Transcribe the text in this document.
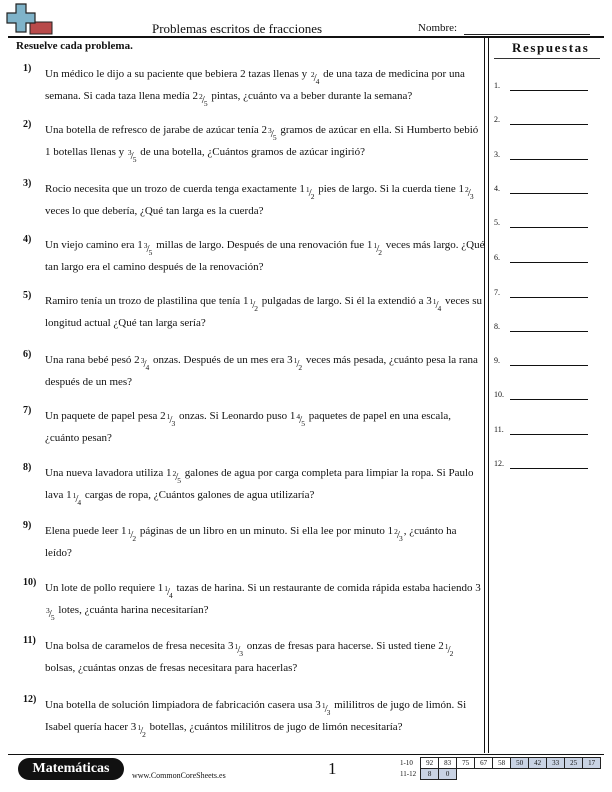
Problemas escritos de fracciones	Nombre:
Resuelve cada problema.	Respuestas
1.
2.
3.
4.
5.
6.
7.
8.
9.
10.
11.
12.
1) Un médico le dijo a su paciente que bebiera 2 tazas llenas y $^2/_4$ de una taza de medicina por una semana. Si cada taza llena medía $2^2/_5$ pintas, ¿cuánto va a beber durante la semana?
2) Una botella de refresco de jarabe de azúcar tenía $2^3/_5$ gramos de azúcar en ella. Si Humberto bebió 1 botellas llenas y $^3/_5$ de una botella, ¿Cuántos gramos de azúcar ingirió?
3) Rocio necesita que un trozo de cuerda tenga exactamente $1^1/_2$ pies de largo. Si la cuerda tiene $1^2/_3$ veces lo que debería, ¿Qué tan larga es la cuerda?
4) Un viejo camino era $1^3/_5$ millas de largo. Después de una renovación fue $1^1/_2$ veces más largo. ¿Qué tan largo era el camino después de la renovación?
5) Ramiro tenía un trozo de plastilina que tenía $1^1/_2$ pulgadas de largo. Si él la extendió a $3^1/_4$ veces su longitud actual ¿Qué tan larga sería?
6) Una rana bebé pesó $2^3/_4$ onzas. Después de un mes era $3^1/_2$ veces más pesada, ¿cuánto pesa la rana después de un mes?
7) Un paquete de papel pesa $2^1/_3$ onzas. Si Leonardo puso $1^4/_5$ paquetes de papel en una escala, ¿cuánto pesan?
8) Una nueva lavadora utiliza $1^2/_5$ galones de agua por carga completa para limpiar la ropa. Si Paulo lava $1^1/_4$ cargas de ropa, ¿Cuántos galones de agua utilizaría?
9) Elena puede leer $1^1/_2$ páginas de un libro en un minuto. Si ella lee por minuto $1^2/_3$, ¿cuánto ha leído?
10) Un lote de pollo requiere $1^1/_4$ tazas de harina. Si un restaurante de comida rápida estaba haciendo $3^3/_5$ lotes, ¿cuánta harina necesitarían?
11) Una bolsa de caramelos de fresa necesita $3^1/_3$ onzas de fresas para hacerse. Si usted tiene $2^1/_2$ bolsas, ¿cuántas onzas de fresas necesitara para hacerlas?
12) Una botella de solución limpiadora de fabricación casera usa $3^1/_3$ mililitros de jugo de limón. Si Isabel quería hacer $3^1/_2$ botellas, ¿cuántos mililitros de jugo de limón necesitaría?
Matemáticas	www.CommonCoreSheets.es	1	1-10	92	83	75	67	58	50	42	33	25	17
11-12	8	0								
